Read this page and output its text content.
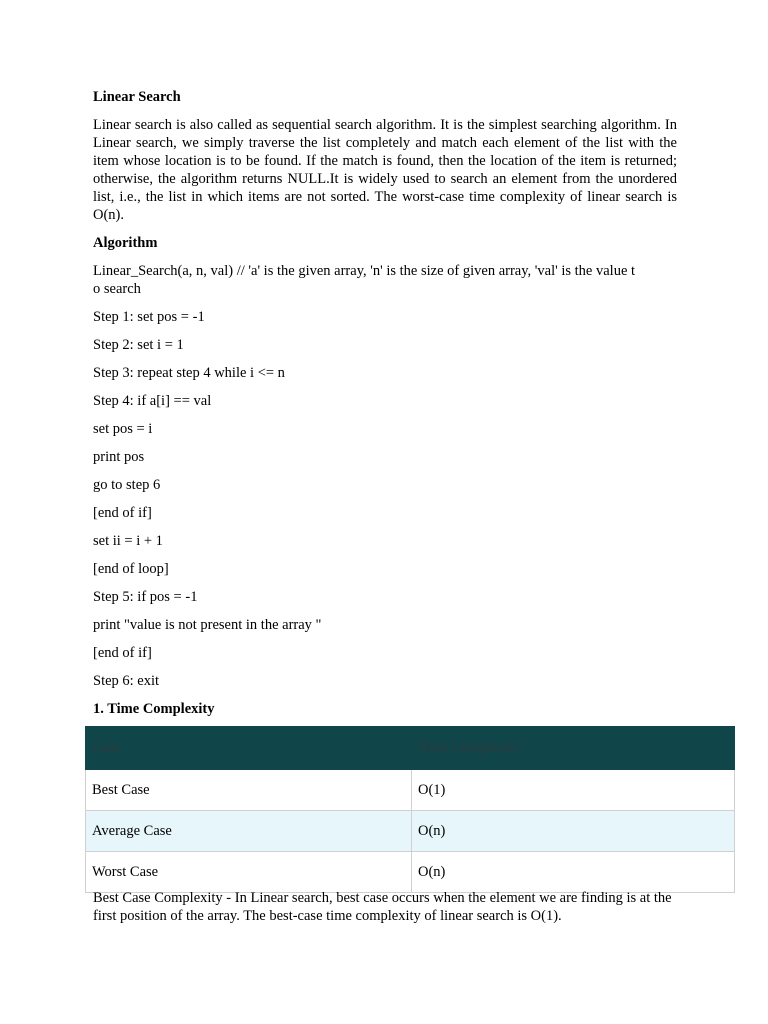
Linear Search
Linear search is also called as sequential search algorithm. It is the simplest searching algorithm. In Linear search, we simply traverse the list completely and match each element of the list with the item whose location is to be found. If the match is found, then the location of the item is returned; otherwise, the algorithm returns NULL.It is widely used to search an element from the unordered list, i.e., the list in which items are not sorted. The worst-case time complexity of linear search is O(n).
Algorithm
Linear_Search(a, n, val) // 'a' is the given array, 'n' is the size of given array, 'val' is the value t
o search
Step 1: set pos = -1
Step 2: set i = 1
Step 3: repeat step 4 while i <= n
Step 4: if a[i] == val
set pos = i
print pos
go to step 6
[end of if]
set ii = i + 1
[end of loop]
Step 5: if pos = -1
print "value is not present in the array "
[end of if]
Step 6: exit
1. Time Complexity
Case	Time Complexity
Best Case	O(1)
Average Case	O(n)
Worst Case	O(n)
Best Case Complexity - In Linear search, best case occurs when the element we are finding is at the first position of the array. The best-case time complexity of linear search is O(1).
